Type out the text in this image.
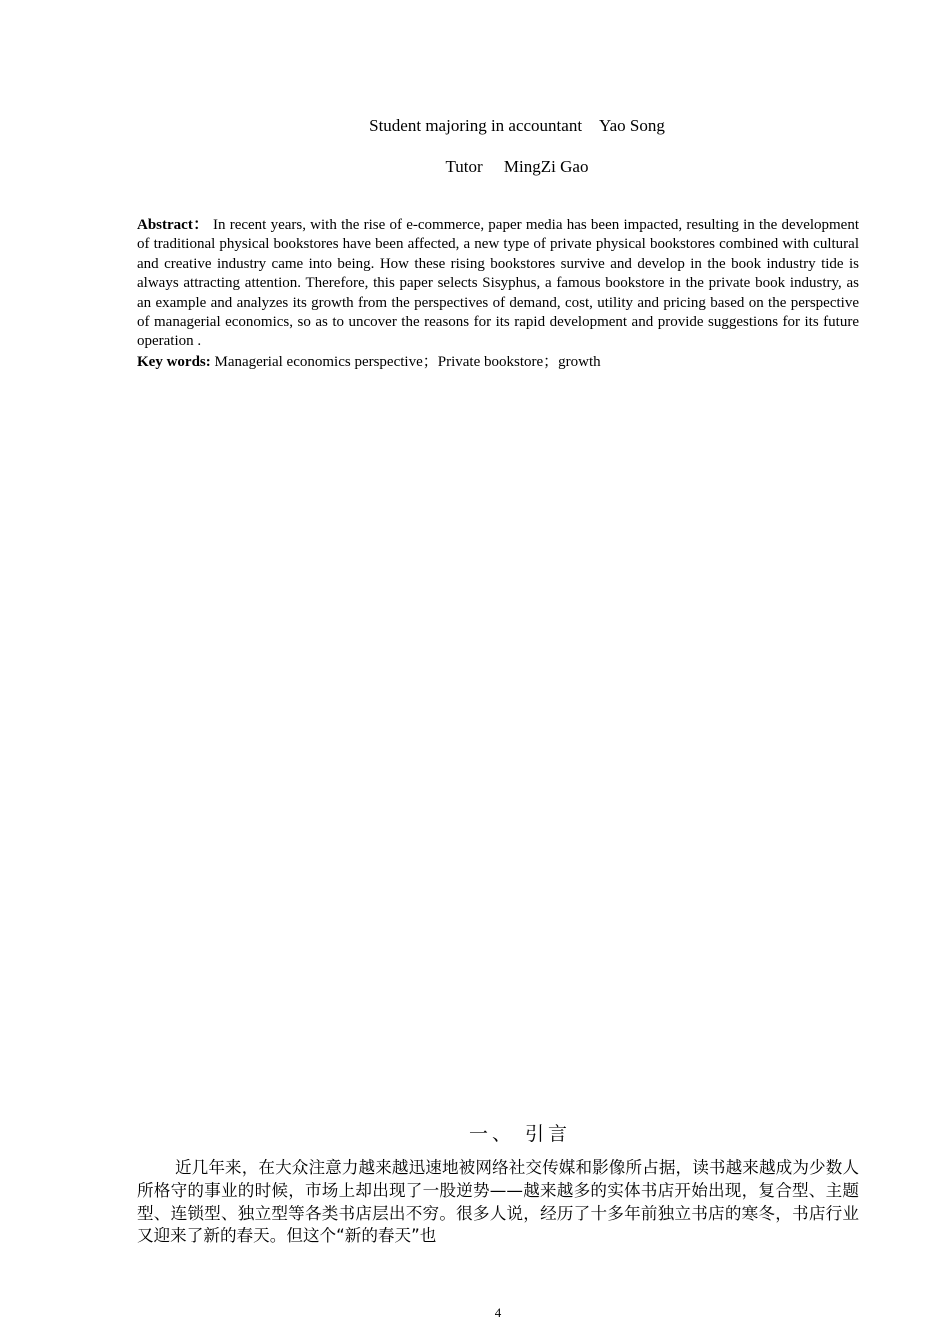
Student majoring in accountant　Yao Song
Tutor　 MingZi Gao
Abstract： In recent years, with the rise of e-commerce, paper media has been impacted, resulting in the development of traditional physical bookstores have been affected, a new type of private physical bookstores combined with cultural and creative industry came into being. How these rising bookstores survive and develop in the book industry tide is always attracting attention. Therefore, this paper selects Sisyphus, a famous bookstore in the private book industry, as an example and analyzes its growth from the perspectives of demand, cost, utility and pricing based on the perspective of managerial economics, so as to uncover the reasons for its rapid development and provide suggestions for its future operation .
Key words: Managerial economics perspective；Private bookstore；growth
一、 引言

近几年来，在大众注意力越来越迅速地被网络社交传媒和影像所占据，读书越来越成为少数人所格守的事业的时候，市场上却出现了一股逆势——越来越多的实体书店开始出现，复合型、主题型、连锁型、独立型等各类书店层出不穷。很多人说，经历了十多年前独立书店的寒冬，书店行业又迎来了新的春天。但这个“新的春天”也

4
